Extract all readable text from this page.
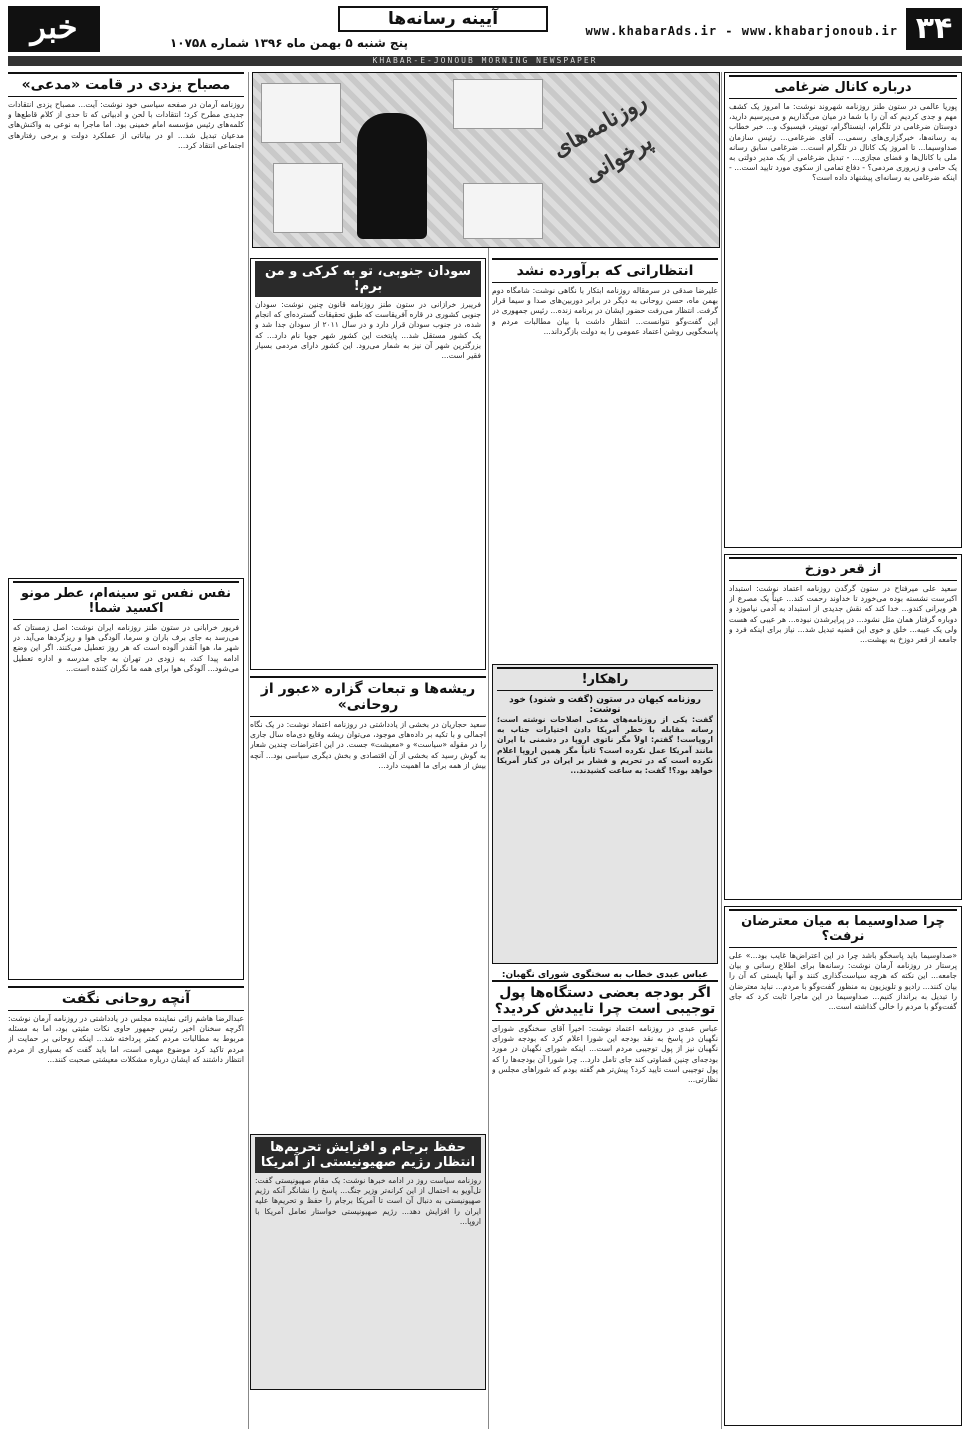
۳۴
www.khabarAds.ir - www.khabarjonoub.ir
آیینه رسانه‌ها
پنج شنبه ۵ بهمن ماه ۱۳۹۶ شماره ۱۰۷۵۸
خبر
KHABAR-E-JONOUB MORNING NEWSPAPER
درباره کانال ضرغامی
پوریا عالمی در ستون طنز روزنامه شهروند نوشت: ما امروز یک کشف مهم و جدی کردیم که آن را با شما در میان می‌گذاریم و می‌پرسیم دارید، دوستان ضرغامی در تلگرام، اینستاگرام، توییتر، فیسبوک و... خبر خطاب به رسانه‌ها، خبرگزاری‌های رسمی... آقای ضرغامی... رئیس سازمان صداوسیما... تا امروز یک کانال در تلگرام است... ضرغامی سابق رسانه ملی با کانال‌ها و فضای مجازی... - تبدیل ضرغامی از یک مدیر دولتی به یک حامی و زیروری مردمی؟ - دفاع تمامی از سکوی مورد تایید است... - اینکه ضرغامی به رسانه‌ای پیشنهاد داده است؟
از قعر دوزخ
سعید علی میرفتاح در ستون گرگدن روزنامه اعتماد نوشت: استبداد اکبرست نشسته بوده می‌خورد تا خداوند رحمت کند... عیناً یک مصرع از هر ویرانی کندو... خدا کند که نقش جدیدی از استبداد به آدمی نیاموزد و دوباره گرفتار همان مثل نشود... در پرایرشدن نبوده... هر عیبی که هست ولی یک عیبه... خلق و خوی این قضیه تبدیل شد... نیاز برای اینکه فرد و جامعه از قعر دوزخ به بهشت...
چرا صداوسیما به میان معترضان نرفت؟
«صداوسیما باید پاسخگو باشد چرا در این اعتراض‌ها غایب بود...» علی پرستار در روزنامه آرمان نوشت: رسانه‌ها برای اطلاع رسانی و بیان جامعه... این نکته که هرچه سیاست‌گذاری کنند و آنها بایستی که آن را بیان کنند... رادیو و تلویزیون به منظور گفت‌وگو با مردم... نباید معترضان را تبدیل به برانداز کنیم... صداوسیما در این ماجرا ثابت کرد که جای گفت‌وگو با مردم را خالی گذاشته است...
روزنامه‌های پرخوانی
انتظاراتی که برآورده نشد
علیرضا صدقی در سرمقاله روزنامه ابتکار با نگاهی نوشت: شامگاه دوم بهمن ماه، حسن روحانی به دیگر در برابر دوربین‌های صدا و سیما قرار گرفت. انتظار می‌رفت حضور ایشان در برنامه زنده... رئیس جمهوری در این گفت‌وگو نتوانست... انتظار داشت با بیان مطالبات مردم و پاسخگویی روشن اعتماد عمومی را به دولت بازگرداند...
راهکار!
روزنامه کیهان در ستون (گفت و شنود) خود نوشت:
گفت: یکی از روزنامه‌های مدعی اصلاحات نوشته است؛ رسانه مقابله با خطر آمریکا دادن اختیارات جناب به اروپاست! گفتم: اولاً مگر ناتوی اروپا در دشمنی با ایران مانند آمریکا عمل نکرده است؟ ثانیاً مگر همین اروپا اعلام نکرده است که در تحریم و فشار بر ایران در کنار آمریکا خواهد بود؟! گفت: به ساعت کشیدند...
عباس عبدی خطاب به سخنگوی شورای نگهبان:
اگر بودجه بعضی دستگاه‌ها پول توجیبی است چرا تاییدش کردید؟
عباس عبدی در روزنامه اعتماد نوشت: اخیراً آقای سخنگوی شورای نگهبان در پاسخ به نقد بودجه این شورا اعلام کرد که بودجه شورای نگهبان نیز از پول توجیبی مردم است... اینکه شورای نگهبان در مورد بودجه‌ای چنین قضاوتی کند جای تامل دارد... چرا شورا آن بودجه‌ها را که پول توجیبی است تایید کرد؟ پیش‌تر هم گفته بودم که شوراهای مجلس و نظارتی...
سودان جنوبی، تو به کرکی و من برم!
فریبرز خرازانی در ستون طنز روزنامه قانون چنین نوشت: سودان جنوبی کشوری در قاره آفریقاست که طبق تحقیقات گسترده‌ای که انجام شده، در جنوب سودان قرار دارد و در سال ۲۰۱۱ از سودان جدا شد و یک کشور مستقل شد... پایتخت این کشور شهر جوبا نام دارد... که بزرگترین شهر آن نیز به شمار می‌رود. این کشور دارای مردمی بسیار فقیر است...
ریشه‌ها و تبعات گزاره «عبور از روحانی»
سعید حجاریان در بخشی از یادداشتی در روزنامه اعتماد نوشت: در یک نگاه اجمالی و با تکیه بر داده‌های موجود، می‌توان ریشه وقایع دی‌ماه سال جاری را در مقوله «سیاست» و «معیشت» جست. در این اعتراضات چندین شعار به گوش رسید که بخشی از آن اقتصادی و بخش دیگری سیاسی بود... آنچه بیش از همه برای ما اهمیت دارد...
حفظ برجام و افزایش تحریم‌ها انتظار رژیم صهیونیستی از آمریکا
روزنامه سیاست روز در ادامه خبرها نوشت: یک مقام صهیونیستی گفت: تل‌آویو به احتمال از این کرانه‌تر وزیر جنگ... پاسخ را نشانگر آنکه رژیم صهیونیستی به دنبال آن است تا آمریکا برجام را حفظ و تحریم‌ها علیه ایران را افزایش دهد... رژیم صهیونیستی خواستار تعامل آمریکا با اروپا...
مصباح یزدی در قامت «مدعی»
روزنامه آرمان در صفحه سیاسی خود نوشت: آیت... مصباح یزدی انتقادات جدیدی مطرح کرد؛ انتقادات با لحن و ادبیاتی که تا حدی از کلام قاطع‌ها و کلمه‌های رئیس مؤسسه امام خمینی بود. اما ماجرا به نوعی به واکنش‌های مدعیان تبدیل شد... او در بیاناتی از عملکرد دولت و برخی رفتارهای اجتماعی انتقاد کرد...
نفس نفس تو سینه‌ام، عطر مونو اکسید شما!
فریور خرابانی در ستون طنز روزنامه ایران نوشت: اصل زمستان که می‌رسد به جای برف باران و سرما، آلودگی هوا و ریزگردها می‌آید. در شهر ما، هوا آنقدر آلوده است که هر روز تعطیل می‌کنند. اگر این وضع ادامه پیدا کند، به زودی در تهران به جای مدرسه و اداره تعطیل می‌شود... آلودگی هوا برای همه ما نگران کننده است...
آنچه روحانی نگفت
عبدالرضا هاشم زائی نماینده مجلس در یادداشتی در روزنامه آرمان نوشت: اگرچه سخنان اخیر رئیس جمهور حاوی نکات مثبتی بود، اما به مسئله مربوط به مطالبات مردم کمتر پرداخته شد... اینکه روحانی بر حمایت از مردم تاکید کرد موضوع مهمی است، اما باید گفت که بسیاری از مردم انتظار داشتند که ایشان درباره مشکلات معیشتی صحبت کنند...
